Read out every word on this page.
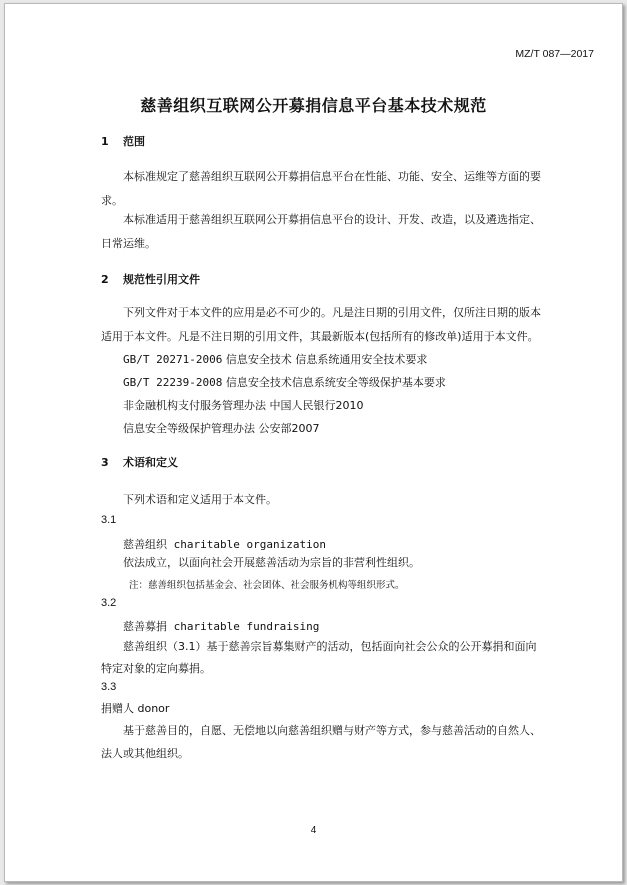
MZ/T 087—2017
慈善组织互联网公开募捐信息平台基本技术规范
1 范围
本标准规定了慈善组织互联网公开募捐信息平台在性能、功能、安全、运维等方面的要
求。
本标准适用于慈善组织互联网公开募捐信息平台的设计、开发、改造，以及遴选指定、
日常运维。
2 规范性引用文件
下列文件对于本文件的应用是必不可少的。凡是注日期的引用文件，仅所注日期的版本
适用于本文件。凡是不注日期的引用文件，其最新版本(包括所有的修改单)适用于本文件。
GB/T 20271-2006 信息安全技术 信息系统通用安全技术要求
GB/T 22239-2008 信息安全技术信息系统安全等级保护基本要求
非金融机构支付服务管理办法 中国人民银行2010
信息安全等级保护管理办法 公安部2007
3 术语和定义
下列术语和定义适用于本文件。
3.1
慈善组织 charitable organization
依法成立，以面向社会开展慈善活动为宗旨的非营利性组织。
注：慈善组织包括基金会、社会团体、社会服务机构等组织形式。
3.2
慈善募捐 charitable fundraising
慈善组织（3.1）基于慈善宗旨募集财产的活动，包括面向社会公众的公开募捐和面向
特定对象的定向募捐。
3.3
捐赠人 donor
基于慈善目的，自愿、无偿地以向慈善组织赠与财产等方式，参与慈善活动的自然人、
法人或其他组织。
4
